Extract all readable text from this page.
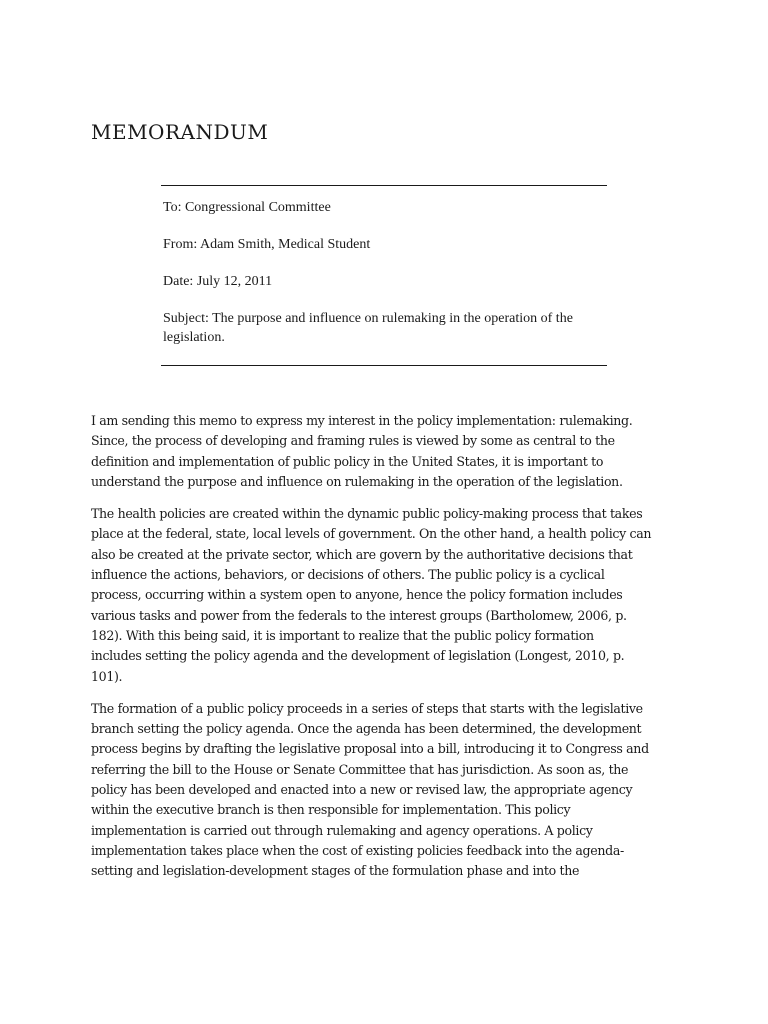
MEMORANDUM

To: Congressional Committee

From: Adam Smith, Medical Student

Date: July 12, 2011

Subject: The purpose and influence on rulemaking in the operation of the
legislation.

I am sending this memo to express my interest in the policy implementation: rulemaking.
Since, the process of developing and framing rules is viewed by some as central to the
definition and implementation of public policy in the United States, it is important to
understand the purpose and influence on rulemaking in the operation of the legislation.

The health policies are created within the dynamic public policy-making process that takes
place at the federal, state, local levels of government. On the other hand, a health policy can
also be created at the private sector, which are govern by the authoritative decisions that
influence the actions, behaviors, or decisions of others. The public policy is a cyclical
process, occurring within a system open to anyone, hence the policy formation includes
various tasks and power from the federals to the interest groups (Bartholomew, 2006, p.
182). With this being said, it is important to realize that the public policy formation
includes setting the policy agenda and the development of legislation (Longest, 2010, p.
101).

The formation of a public policy proceeds in a series of steps that starts with the legislative
branch setting the policy agenda. Once the agenda has been determined, the development
process begins by drafting the legislative proposal into a bill, introducing it to Congress and
referring the bill to the House or Senate Committee that has jurisdiction. As soon as, the
policy has been developed and enacted into a new or revised law, the appropriate agency
within the executive branch is then responsible for implementation. This policy
implementation is carried out through rulemaking and agency operations. A policy
implementation takes place when the cost of existing policies feedback into the agenda-
setting and legislation-development stages of the formulation phase and into the
